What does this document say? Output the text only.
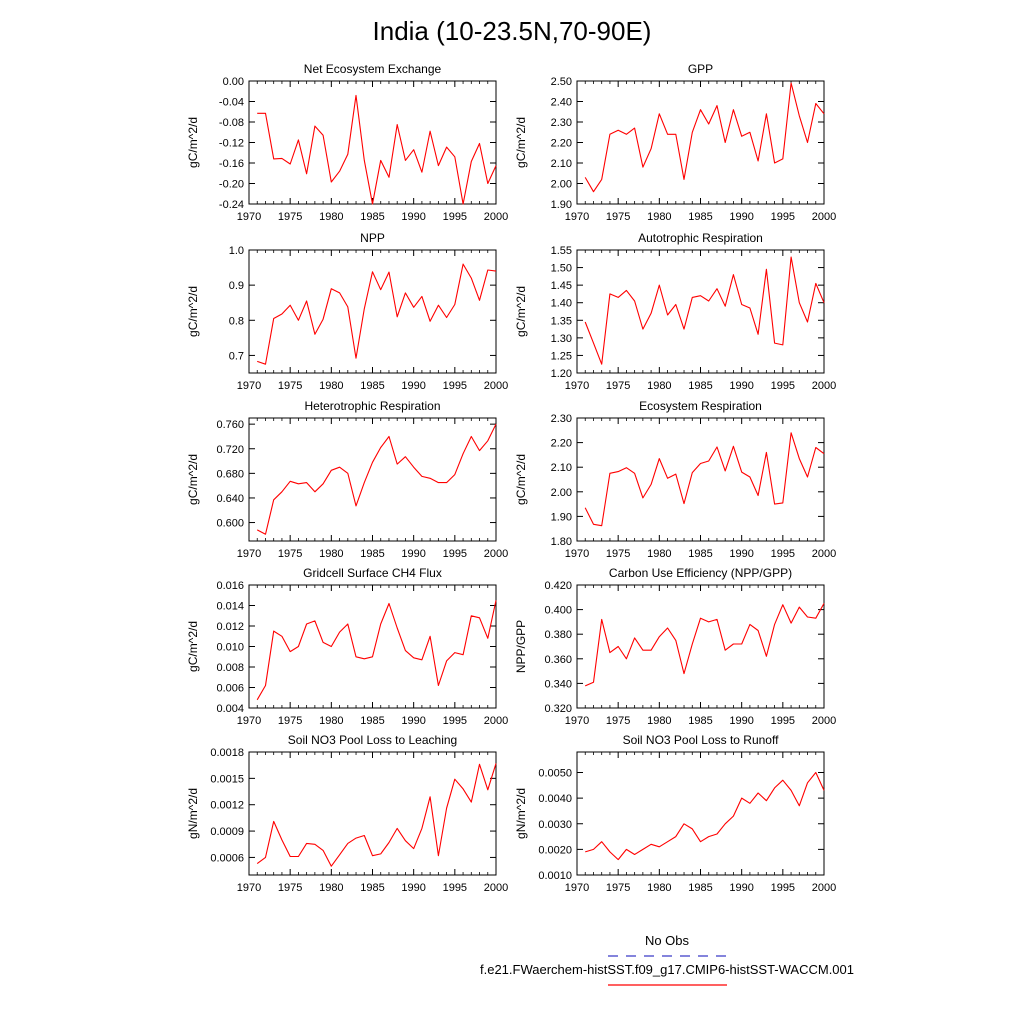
India (10-23.5N,70-90E)
Net Ecosystem Exchange
gC/m^2/d
1970 1975 1980 1985 1990 1995 2000
0.00
-0.04
-0.08
-0.12
-0.16
-0.20
-0.24
GPP
gC/m^2/d
1970 1975 1980 1985 1990 1995 2000
2.50
2.40
2.30
2.20
2.10
2.00
1.90
NPP
gC/m^2/d
1970 1975 1980 1985 1990 1995 2000
1.0
0.9
0.8
0.7
Autotrophic Respiration
gC/m^2/d
1970 1975 1980 1985 1990 1995 2000
1.55
1.50
1.45
1.40
1.35
1.30
1.25
1.20
Heterotrophic Respiration
gC/m^2/d
1970 1975 1980 1985 1990 1995 2000
0.760
0.720
0.680
0.640
0.600
Ecosystem Respiration
gC/m^2/d
1970 1975 1980 1985 1990 1995 2000
2.30
2.20
2.10
2.00
1.90
1.80
Gridcell Surface CH4 Flux
gC/m^2/d
1970 1975 1980 1985 1990 1995 2000
0.016
0.014
0.012
0.010
0.008
0.006
0.004
Carbon Use Efficiency (NPP/GPP)
NPP/GPP
1970 1975 1980 1985 1990 1995 2000
0.420
0.400
0.380
0.360
0.340
0.320
Soil NO3 Pool Loss to Leaching
gN/m^2/d
1970 1975 1980 1985 1990 1995 2000
0.0018
0.0015
0.0012
0.0009
0.0006
Soil NO3 Pool Loss to Runoff
gN/m^2/d
1970 1975 1980 1985 1990 1995 2000
0.0050
0.0040
0.0030
0.0020
0.0010
No Obs
f.e21.FWaerchem-histSST.f09_g17.CMIP6-histSST-WACCM.001
